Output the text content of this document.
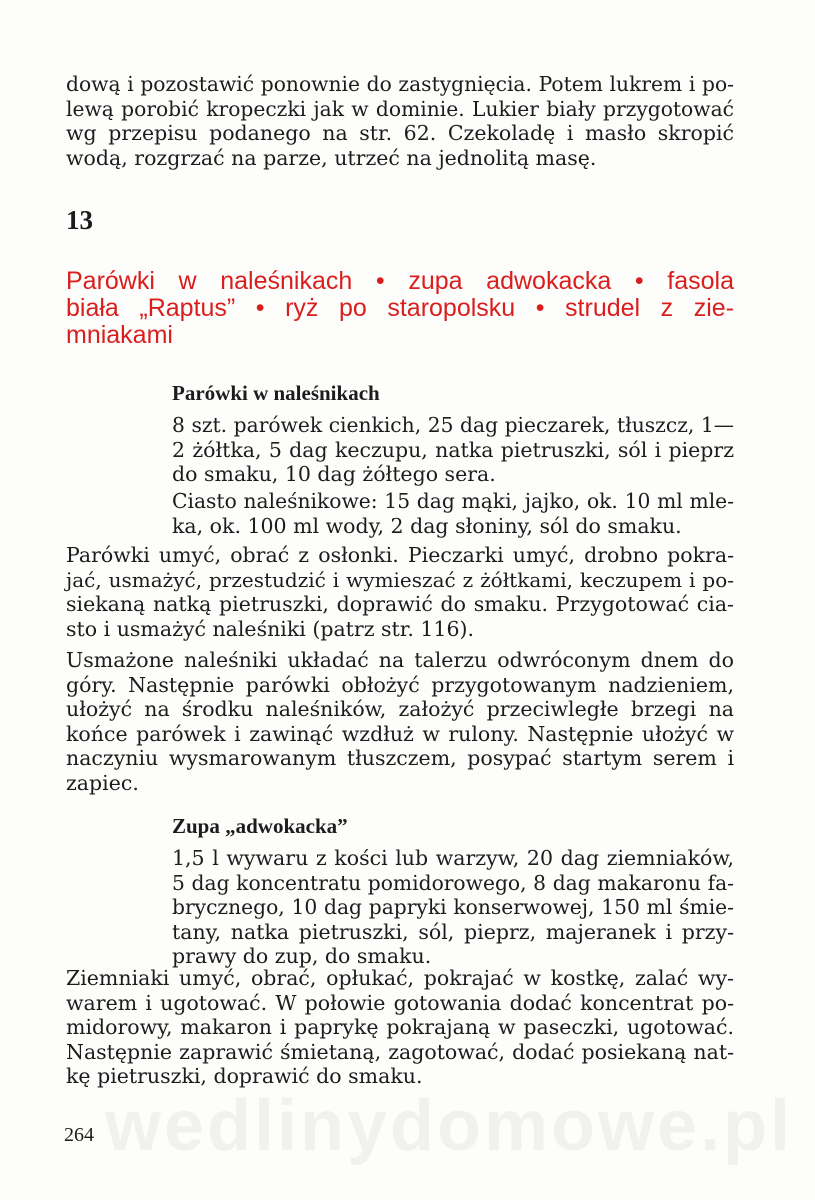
dową i pozostawić ponownie do zastygnięcia. Potem lukrem i po-
lewą porobić kropeczki jak w dominie. Lukier biały przygotować
wg przepisu podanego na str. 62. Czekoladę i masło skropić
wodą, rozgrzać na parze, utrzeć na jednolitą masę.
13
Parówki w naleśnikach • zupa adwokacka • fasola
biała „Raptus” • ryż po staropolsku • strudel z zie-
mniakami
Parówki w naleśnikach
8 szt. parówek cienkich, 25 dag pieczarek, tłuszcz, 1—
2 żółtka, 5 dag keczupu, natka pietruszki, sól i pieprz
do smaku, 10 dag żółtego sera.
Ciasto naleśnikowe: 15 dag mąki, jajko, ok. 10 ml mle-
ka, ok. 100 ml wody, 2 dag słoniny, sól do smaku.
Parówki umyć, obrać z osłonki. Pieczarki umyć, drobno pokra-
jać, usmażyć, przestudzić i wymieszać z żółtkami, keczupem i po-
siekaną natką pietruszki, doprawić do smaku. Przygotować cia-
sto i usmażyć naleśniki (patrz str. 116).
Usmażone naleśniki układać na talerzu odwróconym dnem do
góry. Następnie parówki obłożyć przygotowanym nadzieniem,
ułożyć na środku naleśników, założyć przeciwległe brzegi na
końce parówek i zawinąć wzdłuż w rulony. Następnie ułożyć w
naczyniu wysmarowanym tłuszczem, posypać startym serem i
zapiec.
Zupa „adwokacka”
1,5 l wywaru z kości lub warzyw, 20 dag ziemniaków,
5 dag koncentratu pomidorowego, 8 dag makaronu fa-
brycznego, 10 dag papryki konserwowej, 150 ml śmie-
tany, natka pietruszki, sól, pieprz, majeranek i przy-
prawy do zup, do smaku.
Ziemniaki umyć, obrać, opłukać, pokrajać w kostkę, zalać wy-
warem i ugotować. W połowie gotowania dodać koncentrat po-
midorowy, makaron i paprykę pokrajaną w paseczki, ugotować.
Następnie zaprawić śmietaną, zagotować, dodać posiekaną nat-
kę pietruszki, doprawić do smaku.
264
